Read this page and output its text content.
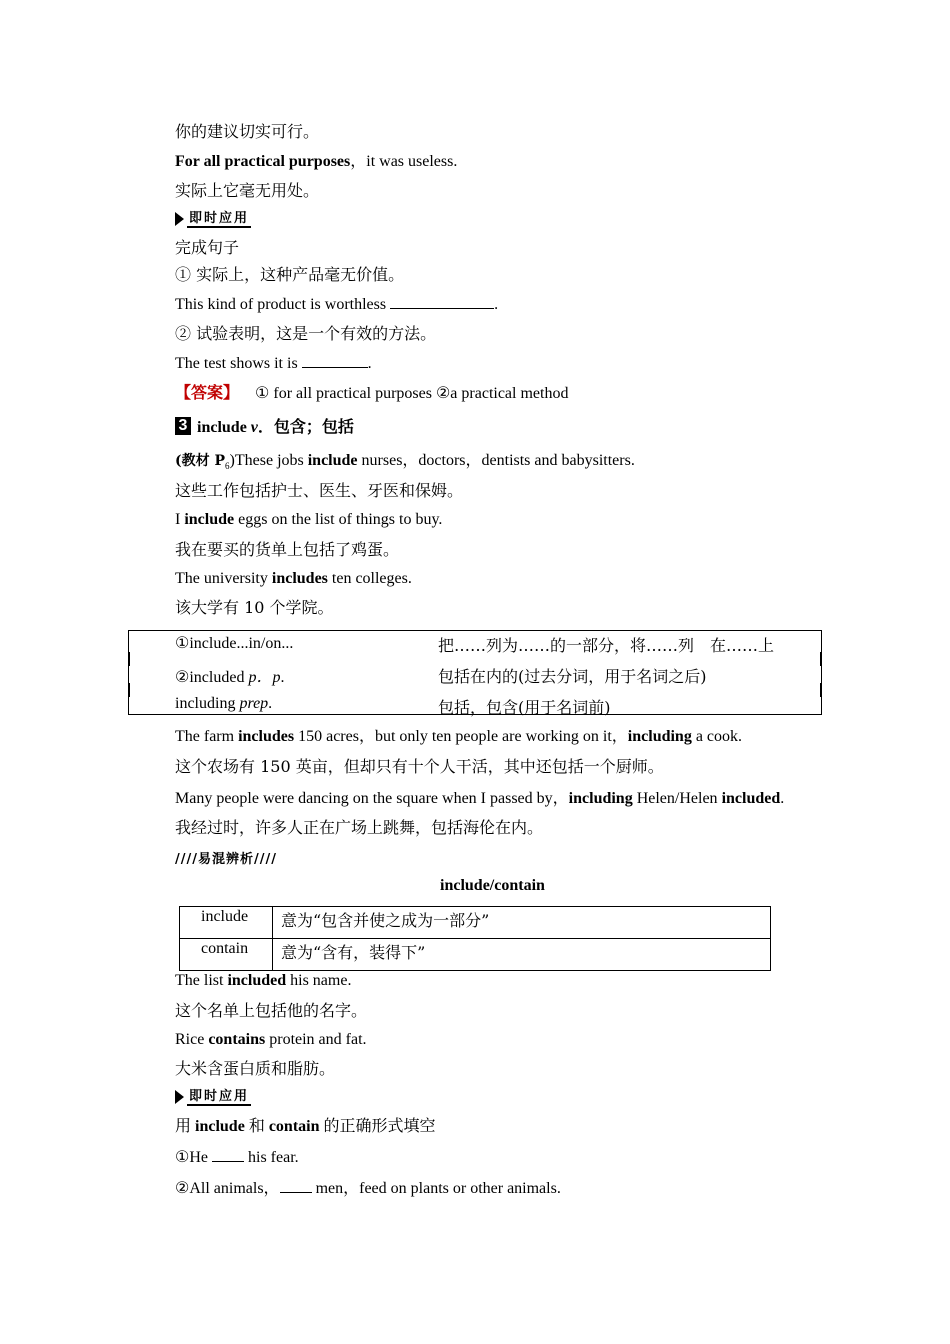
你的建议切实可行。
For all practical purposes，it was useless.
实际上它毫无用处。
即时应用
完成句子
① 实际上，这种产品毫无价值。
This kind of product is worthless	.
② 试验表明，这是一个有效的方法。
The test shows it is	.
【答案】 ① for all practical purposes ②a practical method
3 include v．包含；包括
(教材 $P_6)These$ jobs include nurses，doctors，dentists and babysitters.
这些工作包括护士、医生、牙医和保姆。
I include eggs on the list of things to buy.
我在要买的货单上包括了鸡蛋。
The university includes ten colleges.
该大学有 10 个学院。
①include...in/on...	把……列为……的一部分，将……列　在……上
②included p．p.	包括在内的(过去分词，用于名词之后)
including prep.	包括，包含(用于名词前)
The farm includes 150 acres，but only ten people are working on it，including a cook.
这个农场有 150 英亩，但却只有十个人干活，其中还包括一个厨师。
Many people were dancing on the square when I passed by，including Helen/Helen included.
我经过时，许多人正在广场上跳舞，包括海伦在内。
////易混辨析////
include/contain
include 意为“包含并使之成为一部分”
contain 意为“含有，装得下”
The list included his name.
这个名单上包括他的名字。
Rice contains protein and fat.
大米含蛋白质和脂肪。
即时应用
用 include 和 contain 的正确形式填空
①He	his fear.
②All animals， men，feed on plants or other animals.
